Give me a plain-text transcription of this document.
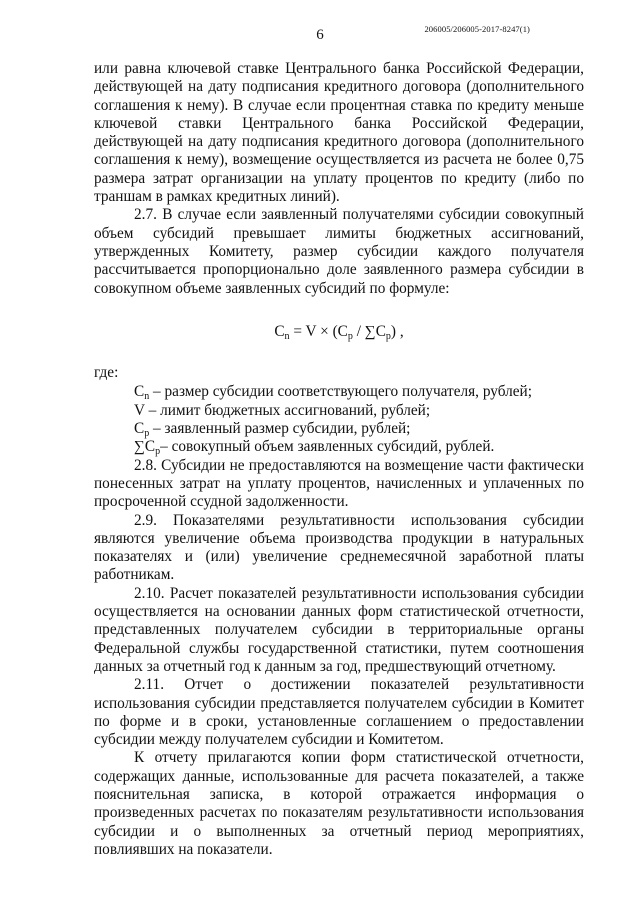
6	206005/206005-2017-8247(1)

или равна ключевой ставке Центрального банка Российской Федерации, действующей на дату подписания кредитного договора (дополнительного соглашения к нему). В случае если процентная ставка по кредиту меньше ключевой ставки Центрального банка Российской Федерации, действующей на дату подписания кредитного договора (дополнительного соглашения к нему), возмещение осуществляется из расчета не более 0,75 размера затрат организации на уплату процентов по кредиту (либо по траншам в рамках кредитных линий).

2.7. В случае если заявленный получателями субсидии совокупный объем субсидий превышает лимиты бюджетных ассигнований, утвержденных Комитету, размер субсидии каждого получателя рассчитывается пропорционально доле заявленного размера субсидии в совокупном объеме заявленных субсидий по формуле:

$C_n = V \times (C_p / \sum C_p)$ ,

где:

$C_n$ – размер субсидии соответствующего получателя, рублей;

V – лимит бюджетных ассигнований, рублей;

$C_p$ – заявленный размер субсидии, рублей;

$\sum C_p-$ совокупный объем заявленных субсидий, рублей.

2.8. Субсидии не предоставляются на возмещение части фактически понесенных затрат на уплату процентов, начисленных и уплаченных по просроченной ссудной задолженности.

2.9. Показателями результативности использования субсидии являются увеличение объема производства продукции в натуральных показателях и (или) увеличение среднемесячной заработной платы работникам.

2.10. Расчет показателей результативности использования субсидии осуществляется на основании данных форм статистической отчетности, представленных получателем субсидии в территориальные органы Федеральной службы государственной статистики, путем соотношения данных за отчетный год к данным за год, предшествующий отчетному.

2.11. Отчет о достижении показателей результативности использования субсидии представляется получателем субсидии в Комитет по форме и в сроки, установленные соглашением о предоставлении субсидии между получателем субсидии и Комитетом.

К отчету прилагаются копии форм статистической отчетности, содержащих данные, использованные для расчета показателей, а также пояснительная записка, в которой отражается информация о произведенных расчетах по показателям результативности использования субсидии и о выполненных за отчетный период мероприятиях, повлиявших на показатели.
